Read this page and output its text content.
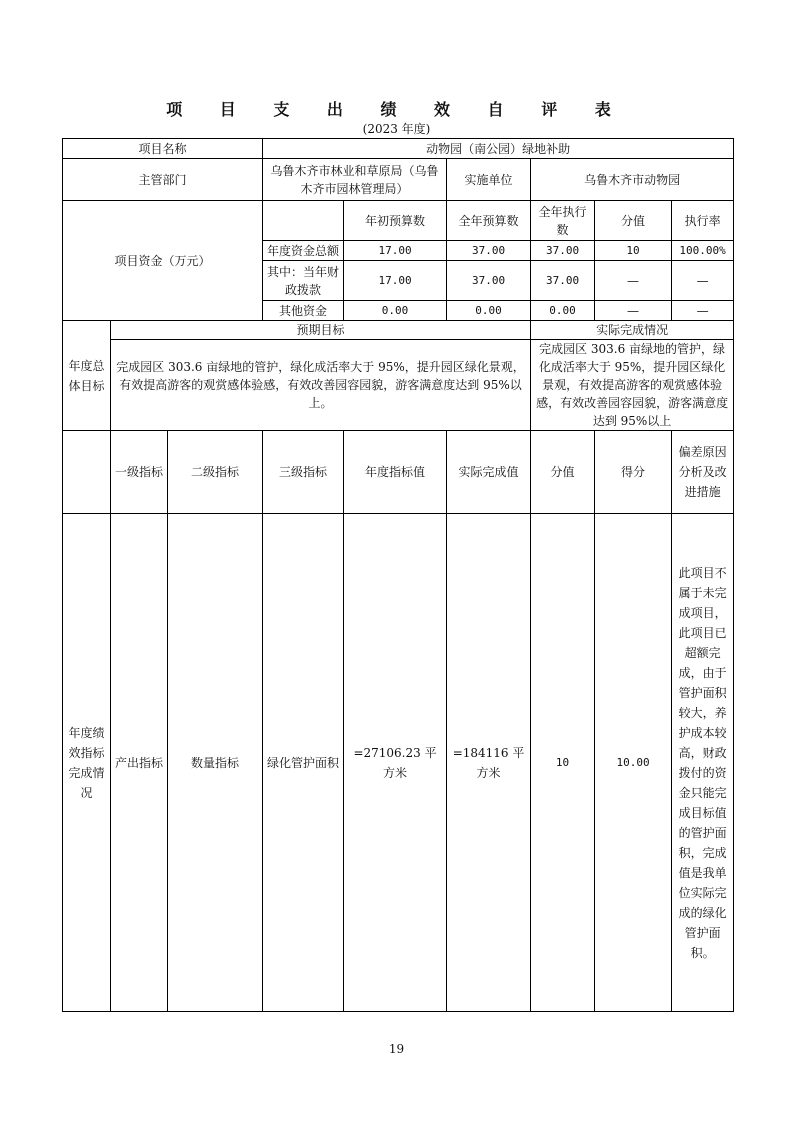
项 目 支 出 绩 效 自 评 表
(2023 年度)
项目名称			动物园（南公园）绿地补助					
主管部门			乌鲁木齐市林业和草原局（乌鲁木齐市园林管理局）		实施单位	乌鲁木齐市动物园		
项目资金（万元）				年初预算数	全年预算数	全年执行数	分值	执行率
			年度资金总额	17.00	37.00	37.00	10	100.00%
			其中：当年财政拨款	17.00	37.00	37.00	—	—
			其他资金	0.00	0.00	0.00	—	—
年度总体目标	预期目标					实际完成情况		
	完成园区 303.6 亩绿地的管护，绿化成活率大于 95%，提升园区绿化景观，有效提高游客的观赏感体验感，有效改善园容园貌，游客满意度达到 95%以上。					完成园区 303.6 亩绿地的管护，绿化成活率大于 95%，提升园区绿化景观，有效提高游客的观赏感体验感，有效改善园容园貌，游客满意度达到 95%以上		
	一级指标	二级指标	三级指标	年度指标值	实际完成值	分值	得分	偏差原因分析及改进措施
年度绩效指标完成情况	产出指标	数量指标	绿化管护面积	=27106.23 平方米	=184116 平方米	10	10.00	此项目不属于未完成项目，此项目已超额完成，由于管护面积较大，养护成本较高，财政拨付的资金只能完成目标值的管护面积，完成值是我单位实际完成的绿化管护面积。
19
